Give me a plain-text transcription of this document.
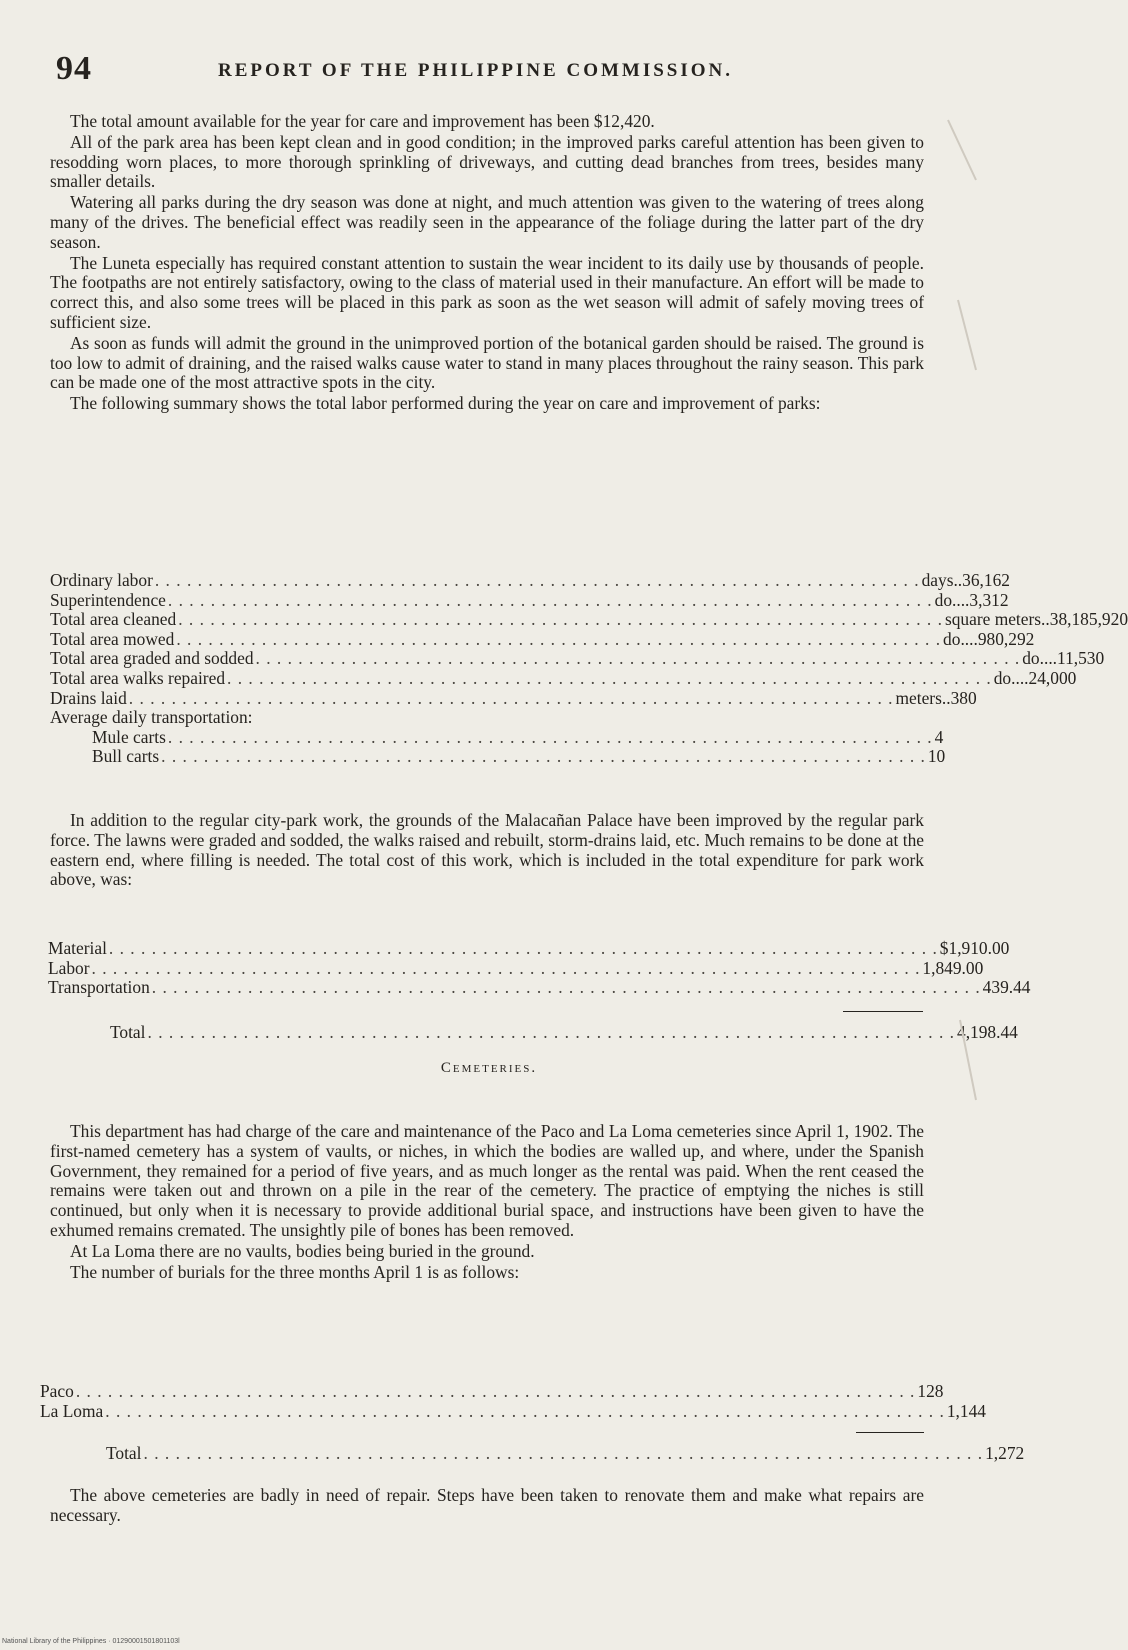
94	REPORT OF THE PHILIPPINE COMMISSION.

The total amount available for the year for care and improvement has been $12,420.

All of the park area has been kept clean and in good condition; in the improved parks careful attention has been given to resodding worn places, to more thorough sprinkling of driveways, and cutting dead branches from trees, besides many smaller details.

Watering all parks during the dry season was done at night, and much attention was given to the watering of trees along many of the drives. The beneficial effect was readily seen in the appearance of the foliage during the latter part of the dry season.

The Luneta especially has required constant attention to sustain the wear incident to its daily use by thousands of people. The footpaths are not entirely satisfactory, owing to the class of material used in their manufacture. An effort will be made to correct this, and also some trees will be placed in this park as soon as the wet season will admit of safely moving trees of sufficient size.

As soon as funds will admit the ground in the unimproved portion of the botanical garden should be raised. The ground is too low to admit of draining, and the raised walks cause water to stand in many places throughout the rainy season. This park can be made one of the most attractive spots in the city.

The following summary shows the total labor performed during the year on care and improvement of parks:

Ordinary labor . . . . . . . . . . . . . . . . . . . . . . . . . . . . . . . . . . . . . . . . . . . . . . . . . . . . . . . . . . . . . . . . . . . . . . . . days.. 36,162
Superintendence . . . . . . . . . . . . . . . . . . . . . . . . . . . . . . . . . . . . . . . . . . . . . . . . . . . . . . . . . . . . . . . . . . . . . . . . do.... 3,312
Total area cleaned . . . . . . . . . . . . . . . . . . . . . . . . . . . . . . . . . . . . . . . . . . . . . . . . . . . . . . . . . . . . . . . . . . . . . . . . square meters.. 38,185,920
Total area mowed . . . . . . . . . . . . . . . . . . . . . . . . . . . . . . . . . . . . . . . . . . . . . . . . . . . . . . . . . . . . . . . . . . . . . . . . do.... 980,292
Total area graded and sodded . . . . . . . . . . . . . . . . . . . . . . . . . . . . . . . . . . . . . . . . . . . . . . . . . . . . . . . . . . . . . . . . . . . . . . . . do.... 11,530
Total area walks repaired . . . . . . . . . . . . . . . . . . . . . . . . . . . . . . . . . . . . . . . . . . . . . . . . . . . . . . . . . . . . . . . . . . . . . . . . do.... 24,000
Drains laid . . . . . . . . . . . . . . . . . . . . . . . . . . . . . . . . . . . . . . . . . . . . . . . . . . . . . . . . . . . . . . . . . . . . . . . . meters.. 380
Average daily transportation:
Mule carts . . . . . . . . . . . . . . . . . . . . . . . . . . . . . . . . . . . . . . . . . . . . . . . . . . . . . . . . . . . . . . . . . . . . . . . . 4
Bull carts . . . . . . . . . . . . . . . . . . . . . . . . . . . . . . . . . . . . . . . . . . . . . . . . . . . . . . . . . . . . . . . . . . . . . . . . 10

In addition to the regular city-park work, the grounds of the Malacañan Palace have been improved by the regular park force. The lawns were graded and sodded, the walks raised and rebuilt, storm-drains laid, etc. Much remains to be done at the eastern end, where filling is needed. The total cost of this work, which is included in the total expenditure for park work above, was:

Material . . . . . . . . . . . . . . . . . . . . . . . . . . . . . . . . . . . . . . . . . . . . . . . . . . . . . . . . . . . . . . . . . . . . . . . . . . . . . . $1,910.00
Labor . . . . . . . . . . . . . . . . . . . . . . . . . . . . . . . . . . . . . . . . . . . . . . . . . . . . . . . . . . . . . . . . . . . . . . . . . . . . . . 1,849.00
Transportation . . . . . . . . . . . . . . . . . . . . . . . . . . . . . . . . . . . . . . . . . . . . . . . . . . . . . . . . . . . . . . . . . . . . . . . . . . . . . . 439.44
Total . . . . . . . . . . . . . . . . . . . . . . . . . . . . . . . . . . . . . . . . . . . . . . . . . . . . . . . . . . . . . . . . . . . . . . . . . . . . 4,198.44
Cemeteries.

This department has had charge of the care and maintenance of the Paco and La Loma cemeteries since April 1, 1902. The first-named cemetery has a system of vaults, or niches, in which the bodies are walled up, and where, under the Spanish Government, they remained for a period of five years, and as much longer as the rental was paid. When the rent ceased the remains were taken out and thrown on a pile in the rear of the cemetery. The practice of emptying the niches is still continued, but only when it is necessary to provide additional burial space, and instructions have been given to have the exhumed remains cremated. The unsightly pile of bones has been removed.

At La Loma there are no vaults, bodies being buried in the ground.

The number of burials for the three months April 1 is as follows:

Paco . . . . . . . . . . . . . . . . . . . . . . . . . . . . . . . . . . . . . . . . . . . . . . . . . . . . . . . . . . . . . . . . . . . . . . . . . . . . . . . 128
La Loma . . . . . . . . . . . . . . . . . . . . . . . . . . . . . . . . . . . . . . . . . . . . . . . . . . . . . . . . . . . . . . . . . . . . . . . . . . . . . . . 1,144
Total . . . . . . . . . . . . . . . . . . . . . . . . . . . . . . . . . . . . . . . . . . . . . . . . . . . . . . . . . . . . . . . . . . . . . . . . . . . . . . . 1,272

The above cemeteries are badly in need of repair. Steps have been taken to renovate them and make what repairs are necessary.

National Library of the Philippines · 01290001501801103l
